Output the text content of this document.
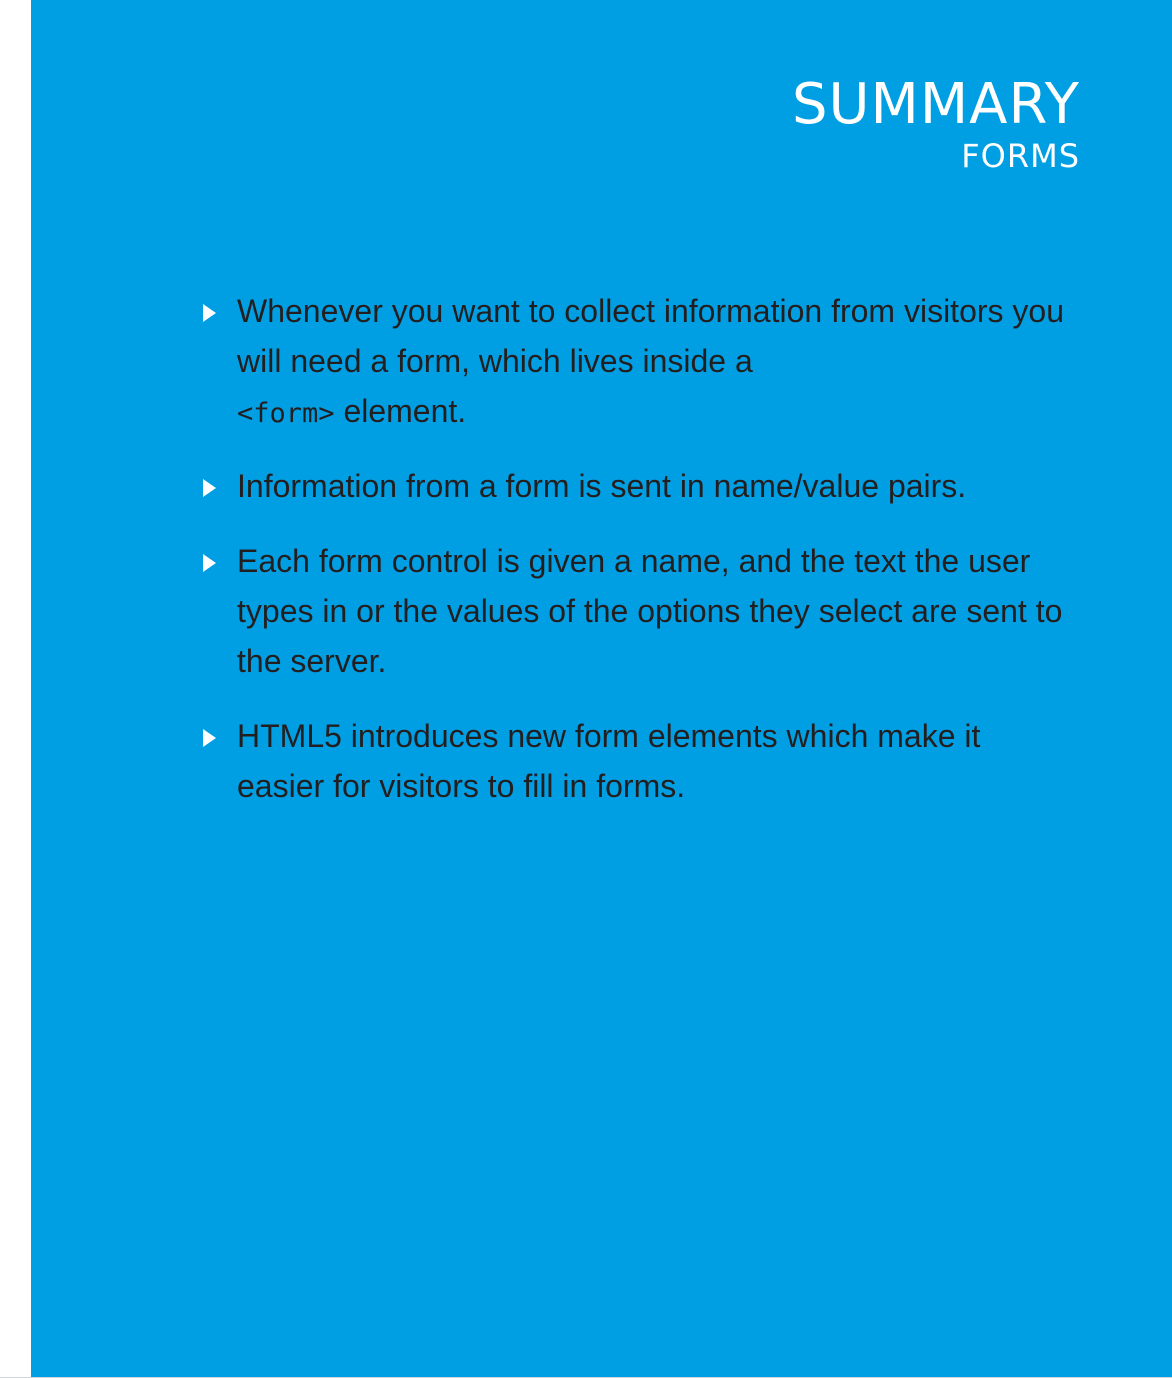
SUMMARY
FORMS
Whenever you want to collect information from visitors you will need a form, which lives inside a
<form> element.
Information from a form is sent in name/value pairs.
Each form control is given a name, and the text the user types in or the values of the options they select are sent to the server.
HTML5 introduces new form elements which make it easier for visitors to fill in forms.
